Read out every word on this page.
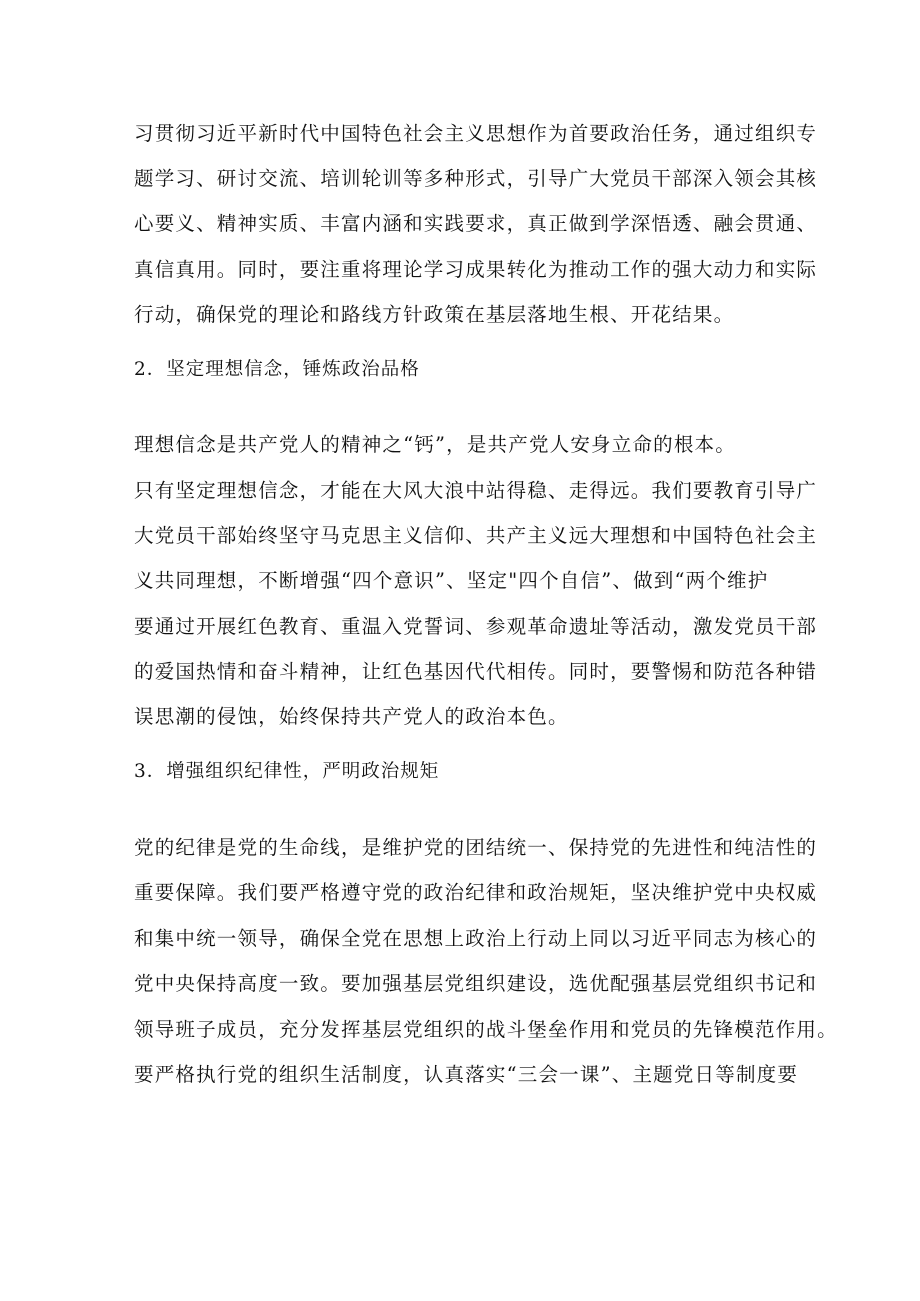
习贯彻习近平新时代中国特色社会主义思想作为首要政治任务，通过组织专
题学习、研讨交流、培训轮训等多种形式，引导广大党员干部深入领会其核
心要义、精神实质、丰富内涵和实践要求，真正做到学深悟透、融会贯通、
真信真用。同时，要注重将理论学习成果转化为推动工作的强大动力和实际
行动，确保党的理论和路线方针政策在基层落地生根、开花结果。
2．坚定理想信念，锤炼政治品格
理想信念是共产党人的精神之“钙”，是共产党人安身立命的根本。
只有坚定理想信念，才能在大风大浪中站得稳、走得远。我们要教育引导广
大党员干部始终坚守马克思主义信仰、共产主义远大理想和中国特色社会主
义共同理想，不断增强“四个意识”、坚定"四个自信”、做到“两个维护
要通过开展红色教育、重温入党誓词、参观革命遗址等活动，激发党员干部
的爱国热情和奋斗精神，让红色基因代代相传。同时，要警惕和防范各种错
误思潮的侵蚀，始终保持共产党人的政治本色。
3．增强组织纪律性，严明政治规矩
党的纪律是党的生命线，是维护党的团结统一、保持党的先进性和纯洁性的
重要保障。我们要严格遵守党的政治纪律和政治规矩，坚决维护党中央权威
和集中统一领导，确保全党在思想上政治上行动上同以习近平同志为核心的
党中央保持高度一致。要加强基层党组织建设，选优配强基层党组织书记和
领导班子成员，充分发挥基层党组织的战斗堡垒作用和党员的先锋模范作用。
要严格执行党的组织生活制度，认真落实“三会一课”、主题党日等制度要
